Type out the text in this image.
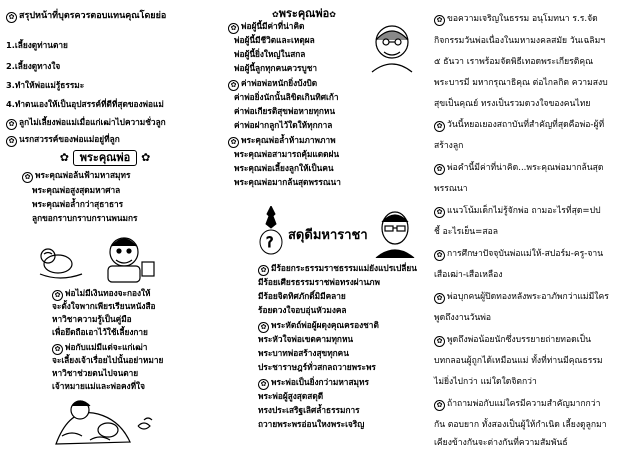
✿ สรุปหน้าที่บุตรควรตอบแทนคุณโดยย่อ
1.เลี้ยงดูท่านตาย
2.เลี้ยงดูทางใจ
3.ทำให้พ่อแม่รู้ธรรมะ
4.ทำตนเองให้เป็นอุปสรรค์ที่ดีที่สุดของพ่อแม่
✿ ลูกไม่เลี้ยงพ่อแม่เมื่อแก่เฒ่าไปความชั่วลูก
✿ นรกสวรรค์ของพ่อแม่อยู่ที่ลูก
✿ พระคุณพ่อ ✿
✿ พระคุณพ่อล้นฟ้ามหาสมุทร
พระคุณพ่อสูงสุดมหาศาล
พระคุณพ่อล้ำกว่าสุธาธาร
ลูกขอกราบกราบกรานพนมกร
✿ พ่อไม่มีเงินทองจะกองให้
จะตั้งใจพากเพียรเรียนหนังสือ
หาวิชาความรู้เป็นคู่มือ
เพื่อยึดถือเอาไว้ใช้เลี้ยงกาย
✿ พ่อกับแม่มีแต่จะแก่เฒ่า
จะเลี้ยงเจ้าเรื่อยไปนั้นอย่าหมาย
หาวิชาช่วยตนไปจนตาย
เจ้าหมายแม่และพ่อคงที่ใจ
✿พระคุณพ่อ✿
✿ พ่อผู้นี้มีค่าที่น่าคิด
พ่อผู้นี้มีชีวิตและเหตุผล
พ่อผู้นี้ยิ่งใหญ่ในสกล
พ่อผู้นี้ลูกทุกคนควรบูชา
✿ ค่าพ่อพ่อหนักยิ่งบ้งบิด
ค่าพ่อยิ่งนักนั้นลิขิตเกินทิศเก้า
ค่าพ่อเกียรติสุขพ่อหายทุกหน
ค่าพ่อฝากลูกไว้ใดให้ทุกกาล
✿ พระคุณพ่อล้ำห้ามภาพภาพ
พระคุณพ่อสามารถคุ้มแดดฝน
พระคุณพ่อเลี้ยงลูกให้เป็นคน
พระคุณพ่อมากล้นสุดพรรณนา
? สดุดีมหาราชา
✿ มีร้อยกระธรรมราชธรรมแม่ยังแปรเปลี่ยน
มีร้อยเศียรธรรมราชพ่อทรงผ่านภพ
มีร้อยจิตทิศภักดิ์มิมีคลาย
ร้อยดวงใจอบอุ่นหัวมงคล
✿ พระหัตถ์พ่อผู้ผดุงคุณครองชาติ
พระหัวใจพ่อเขตคามทุกหน
พระบาทพ่อสร้างสุขทุกคน
ประชาราษฎร์ทั่วสกลถวายพระพร
✿ พระพ่อเป็นยิ่งกว่ามหาสมุทร
พระพ่อผู้สูงสุดสดุดี
ทรงประเสริฐเลิศล้ำธรรมการ
ถวายพระพรอ่อนใหงพระเจริญ
✿ ขอความเจริญในธรรม อนุโมทนา ร.ร.จัด
กิจกรรมวันพ่อเนื่องในมหามงคลสมัย วันเฉลิมฯ
๕ ธันวา เราพร้อมจัดพิธีเทอดพระเกียรติคุณ
พระบารมี มหากรุณาธิคุณ ต่อไกลกิต ความสงบ
สุขเป็นคุณย์ ทรงเป็นรวมดวงใจของคนไทย
✿ วันนี้หยอเยองสถาบันที่สำคัญที่สุดคือพ่อ-ผู้ที่
สร้างลูก
✿ พ่อคำนี้มีค่าที่น่าคิด...พระคุณพ่อมากล้นสุด
พรรณนา
✿ แนวโน้มเด็กไม่รู้จักพ่อ ถามอะไรที่สุด=ปป
ชี้ อะไรเย็น=สอล
✿ การศึกษาปัจจุบันพ่อแม่ให้-สปอร์ม-ครู-จาน
เสือเฒ่า-เสือเหลือง
✿ พ่อบุกคนผู้ปิดทองหลังพระอาภัพกว่าแม่มีใคร
พูดถึงงานวันพ่อ
✿ พูดถึงพ่อน้อยนักซึ่งบรรยายถ่ายทอดเป็น
บทกลอนผู้ถูกได้เหมือนแม่ ทั้งที่ท่านมีคุณธรรม
ไม่ยิ่งไปกว่า แม่ใดใดจิตกว่า
✿ ถ้าถามพ่อกับแม่ใครมีความสำคัญมากกว่า
กัน ตอบยาก ทั้งสองเป็นผู้ให้กำเนิด เลี้ยงดูลูกมา
เคียงข้างกันจะต่างกันที่ความสัมพันธ์
